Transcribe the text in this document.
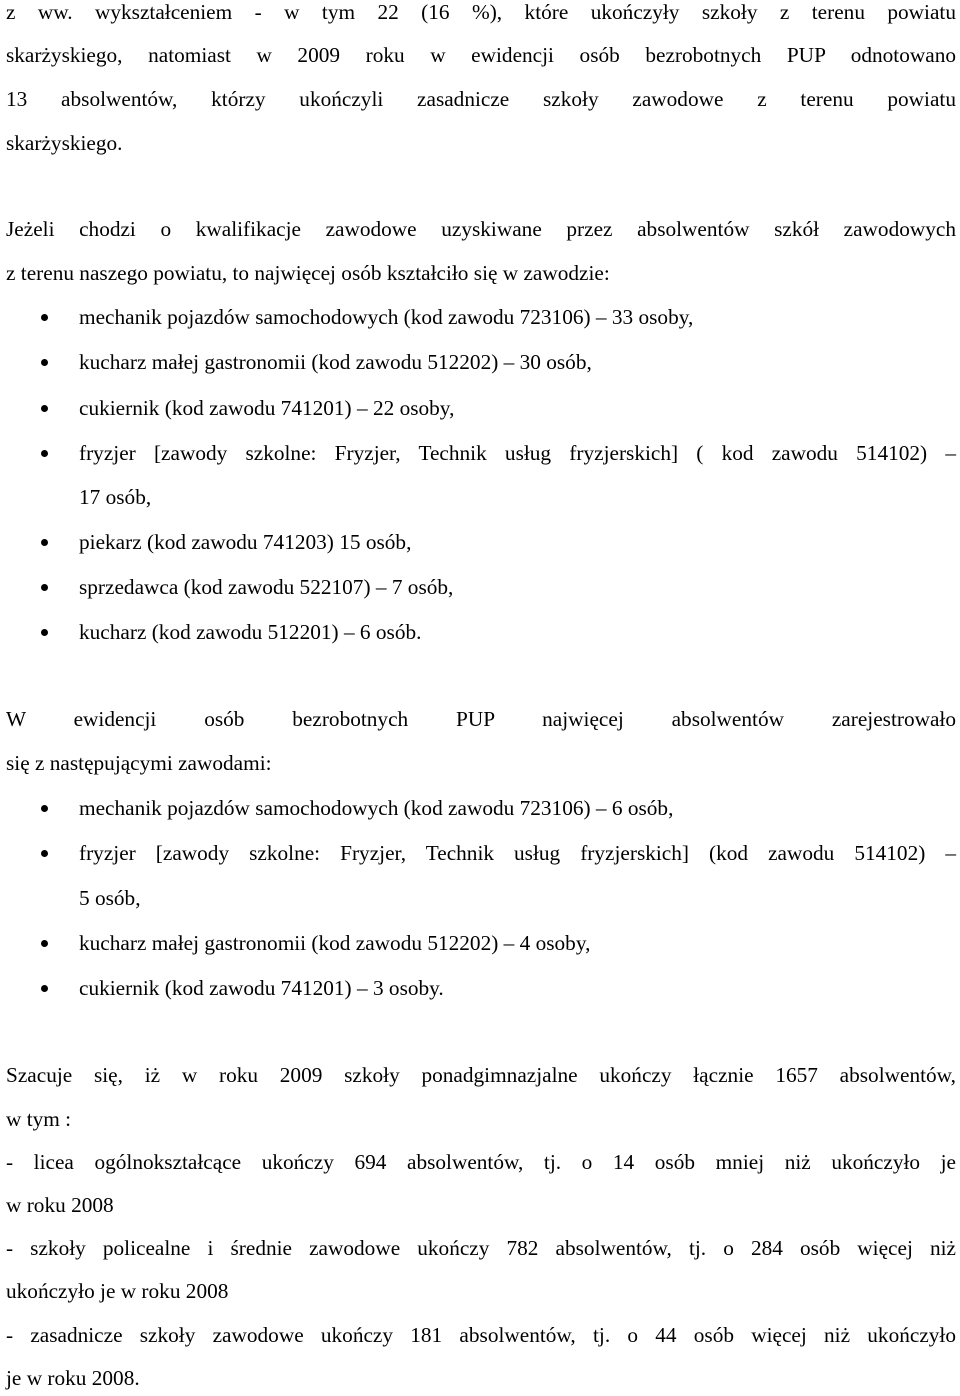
z ww. wykształceniem - w tym 22 (16 %), które ukończyły szkoły z terenu powiatu
skarżyskiego, natomiast w 2009 roku w ewidencji osób bezrobotnych PUP odnotowano
13 absolwentów, którzy ukończyli zasadnicze szkoły zawodowe z terenu powiatu
skarżyskiego.
Jeżeli chodzi o kwalifikacje zawodowe uzyskiwane przez absolwentów szkół zawodowych
z terenu naszego powiatu, to najwięcej osób kształciło się w zawodzie:
mechanik pojazdów samochodowych (kod zawodu 723106) – 33 osoby,
kucharz małej gastronomii (kod zawodu 512202) – 30 osób,
cukiernik (kod zawodu 741201) – 22 osoby,
fryzjer [zawody szkolne: Fryzjer, Technik usług fryzjerskich] ( kod zawodu 514102) –
17 osób,
piekarz (kod zawodu 741203) 15 osób,
sprzedawca (kod zawodu 522107) – 7 osób,
kucharz (kod zawodu 512201) – 6 osób.
W ewidencji osób bezrobotnych PUP najwięcej absolwentów zarejestrowało
się z następującymi zawodami:
mechanik pojazdów samochodowych (kod zawodu 723106) – 6 osób,
fryzjer [zawody szkolne: Fryzjer, Technik usług fryzjerskich] (kod zawodu 514102) –
5 osób,
kucharz małej gastronomii (kod zawodu 512202) – 4 osoby,
cukiernik (kod zawodu 741201) – 3 osoby.
Szacuje się, iż w roku 2009 szkoły ponadgimnazjalne ukończy łącznie 1657 absolwentów,
w tym :
- licea ogólnokształcące ukończy 694 absolwentów, tj. o 14 osób mniej niż ukończyło je
w roku 2008
- szkoły policealne i średnie zawodowe ukończy 782 absolwentów, tj. o 284 osób więcej niż
ukończyło je w roku 2008
- zasadnicze szkoły zawodowe ukończy 181 absolwentów, tj. o 44 osób więcej niż ukończyło
je w roku 2008.
